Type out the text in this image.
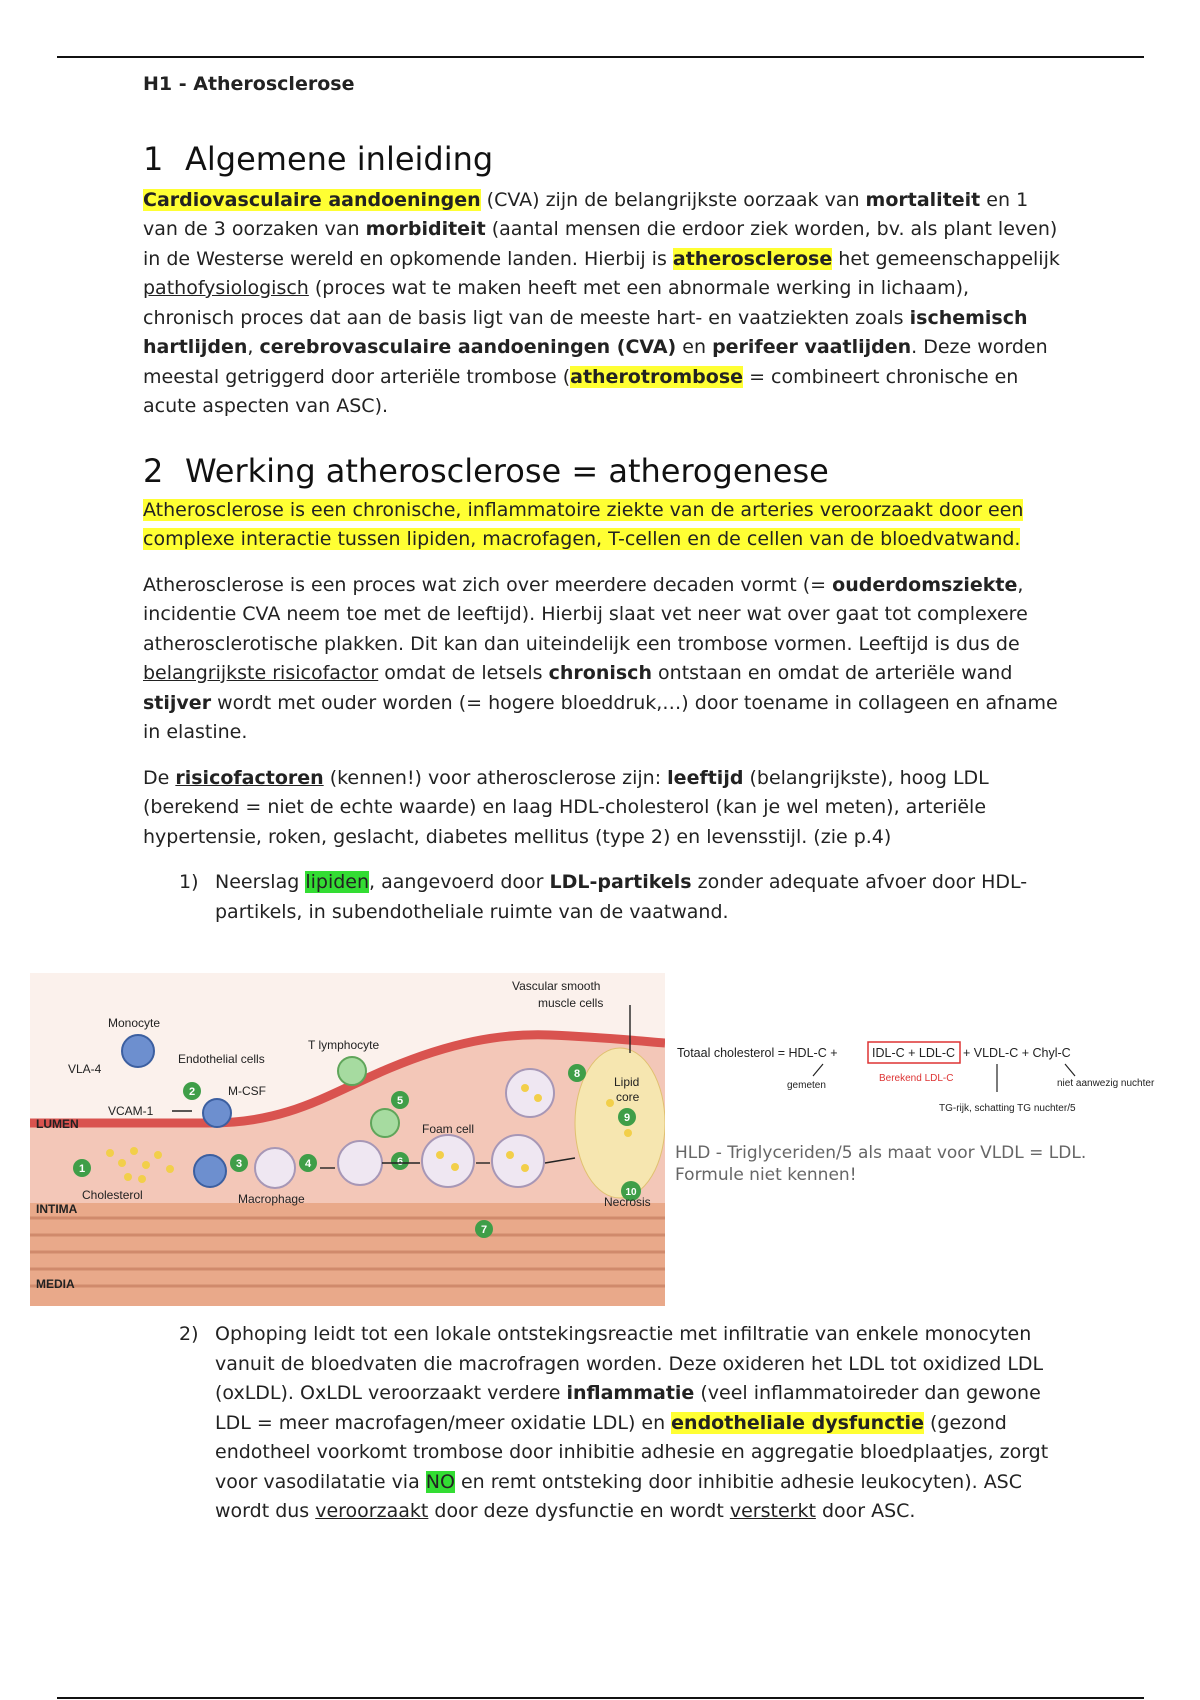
H1 - Atherosclerose

1 Algemene inleiding

Cardiovasculaire aandoeningen (CVA) zijn de belangrijkste oorzaak van mortaliteit en 1 van de 3 oorzaken van morbiditeit (aantal mensen die erdoor ziek worden, bv. als plant leven) in de Westerse wereld en opkomende landen. Hierbij is atherosclerose het gemeenschappelijk pathofysiologisch (proces wat te maken heeft met een abnormale werking in lichaam), chronisch proces dat aan de basis ligt van de meeste hart- en vaatziekten zoals ischemisch hartlijden, cerebrovasculaire aandoeningen (CVA) en perifeer vaatlijden. Deze worden meestal getriggerd door arteriële trombose (atherotrombose = combineert chronische en acute aspecten van ASC).

2 Werking atherosclerose = atherogenese

Atherosclerose is een chronische, inflammatoire ziekte van de arteries veroorzaakt door een complexe interactie tussen lipiden, macrofagen, T-cellen en de cellen van de bloedvatwand.

Atherosclerose is een proces wat zich over meerdere decaden vormt (= ouderdomsziekte, incidentie CVA neem toe met de leeftijd). Hierbij slaat vet neer wat over gaat tot complexere atherosclerotische plakken. Dit kan dan uiteindelijk een trombose vormen. Leeftijd is dus de belangrijkste risicofactor omdat de letsels chronisch ontstaan en omdat de arteriële wand stijver wordt met ouder worden (= hogere bloeddruk,…) door toename in collageen en afname in elastine.

De risicofactoren (kennen!) voor atherosclerose zijn: leeftijd (belangrijkste), hoog LDL (berekend = niet de echte waarde) en laag HDL-cholesterol (kan je wel meten), arteriële hypertensie, roken, geslacht, diabetes mellitus (type 2) en levensstijl. (zie p.4)

1) Neerslag lipiden, aangevoerd door LDL-partikels zonder adequate afvoer door HDL-partikels, in subendotheliale ruimte van de vaatwand.
1
2
3	4
5
6
7
8
9
10
Vascular smooth
muscle cells
Monocyte
T lymphocyte
Endothelial cells
VLA-4
M-CSF
VCAM-1
LUMEN	Foam cell
Lipid
core
Cholesterol	Macrophage
INTIMA	Necrosis
MEDIA
Totaal cholesterol = HDL-C +	IDL-C + LDL-C + VLDL-C + Chyl-C
gemeten
Berekend LDL-C	niet aanwezig nuchter
TG-rijk, schatting TG nuchter/5
HLD - Triglyceriden/5 als maat voor VLDL = LDL.
Formule niet kennen!
2) Ophoping leidt tot een lokale ontstekingsreactie met infiltratie van enkele monocyten vanuit de bloedvaten die macrofragen worden. Deze oxideren het LDL tot oxidized LDL (oxLDL). OxLDL veroorzaakt verdere inflammatie (veel inflammatoireder dan gewone LDL = meer macrofagen/meer oxidatie LDL) en endotheliale dysfunctie (gezond endotheel voorkomt trombose door inhibitie adhesie en aggregatie bloedplaatjes, zorgt voor vasodilatatie via NO en remt ontsteking door inhibitie adhesie leukocyten). ASC wordt dus veroorzaakt door deze dysfunctie en wordt versterkt door ASC.
